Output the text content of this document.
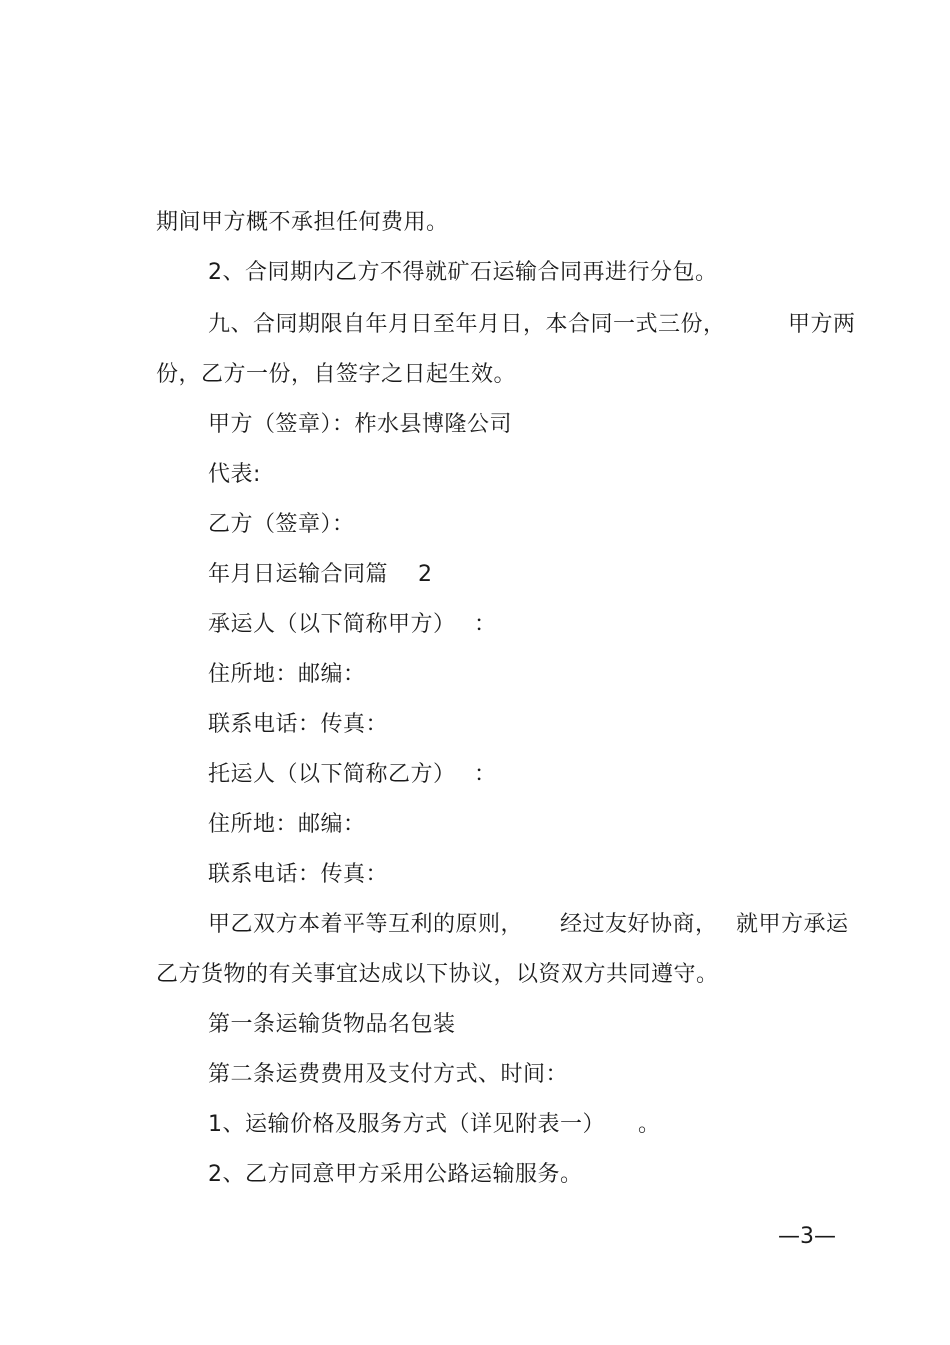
期间甲方概不承担任何费用。

2、合同期内乙方不得就矿石运输合同再进行分包。

九、合同期限自年月日至年月日，本合同一式三份，
	甲方两

份，乙方一份，自签字之日起生效。

甲方（签章）：柞水县博隆公司

代表:

乙方（签章）：

年月日运输合同篇
	2

承运人（以下简称甲方）
：

住所地：邮编：

联系电话：传真：

托运人（以下简称乙方）
：

住所地：邮编：

联系电话：传真：

甲乙双方本着平等互利的原则，
	经过友好协商，
就甲方承运

乙方货物的有关事宜达成以下协议，以资双方共同遵守。

第一条运输货物品名包装

第二条运费费用及支付方式、时间：

1、运输价格及服务方式（详见附表一）
	。

2、乙方同意甲方采用公路运输服务。

—3—
